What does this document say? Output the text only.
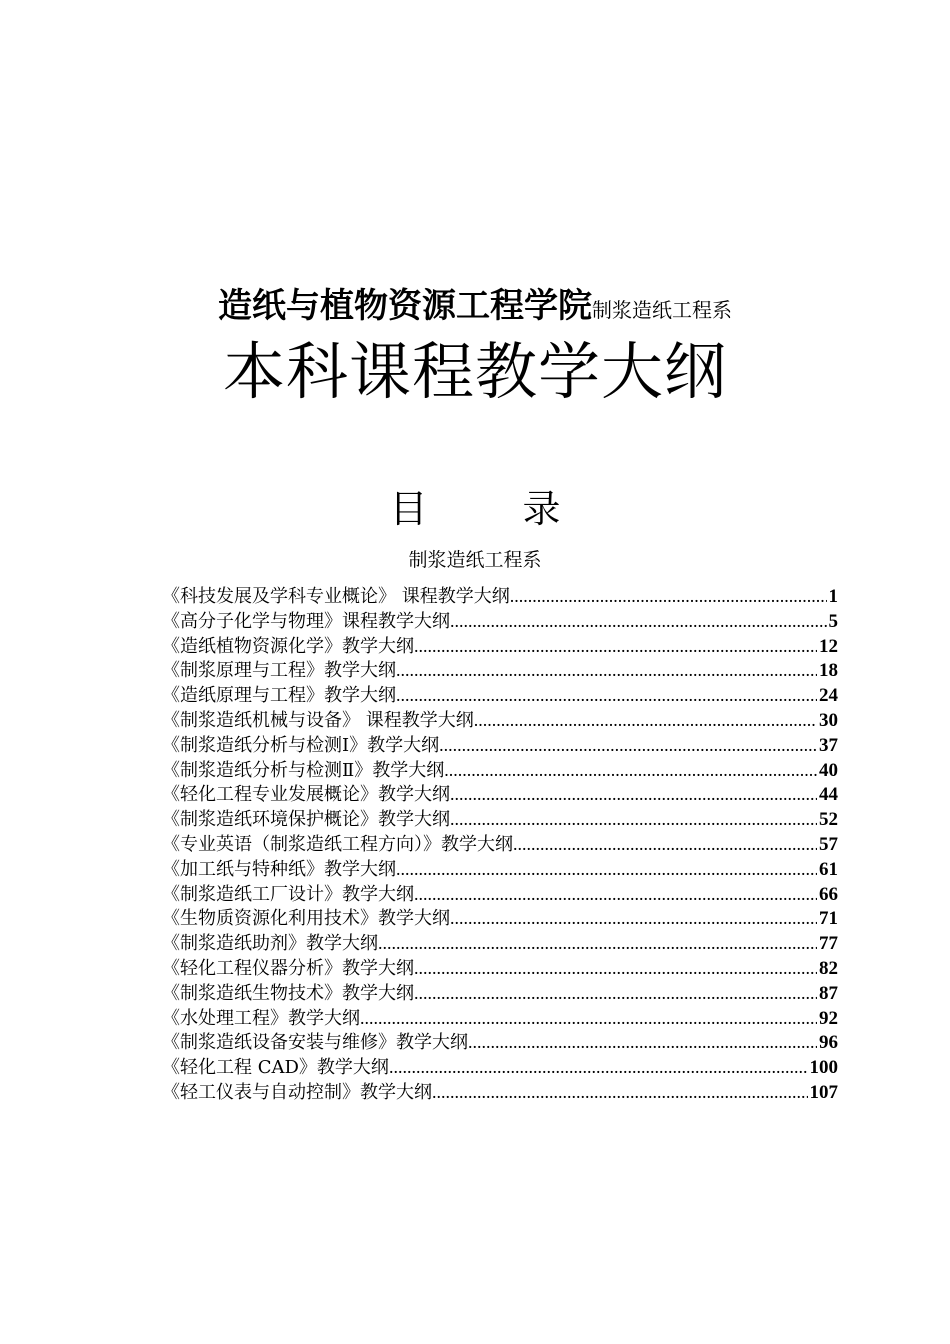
造纸与植物资源工程学院制浆造纸工程系
本科课程教学大纲
目	录
制浆造纸工程系
《科技发展及学科专业概论》 课程教学大纲 .....	1
《高分子化学与物理》课程教学大纲 .....	5
《造纸植物资源化学》教学大纲 .....	12
《制浆原理与工程》教学大纲 .....	18
《造纸原理与工程》教学大纲 .....	24
《制浆造纸机械与设备》 课程教学大纲 .....	30
《制浆造纸分析与检测Ⅰ》教学大纲 .....	37
《制浆造纸分析与检测Ⅱ》教学大纲 .....	40
《轻化工程专业发展概论》教学大纲 .....	44
《制浆造纸环境保护概论》教学大纲 .....	52
《专业英语（制浆造纸工程方向）》教学大纲 .....	57
《加工纸与特种纸》教学大纲 .....	61
《制浆造纸工厂设计》教学大纲 .....	66
《生物质资源化利用技术》教学大纲 .....	71
《制浆造纸助剂》教学大纲 .....	77
《轻化工程仪器分析》教学大纲 .....	82
《制浆造纸生物技术》教学大纲 .....	87
《水处理工程》教学大纲 .....	92
《制浆造纸设备安装与维修》教学大纲 .....	96
《轻化工程 CAD》教学大纲 .....	100
《轻工仪表与自动控制》教学大纲 .....	107
